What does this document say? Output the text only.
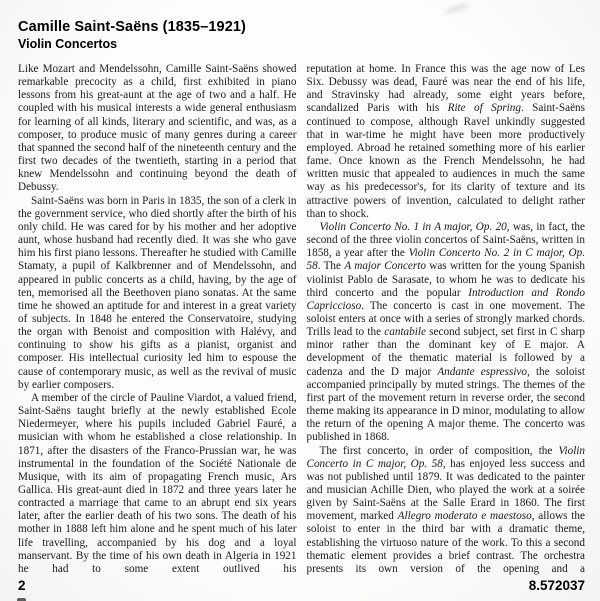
Camille Saint-Saëns (1835–1921)
Violin Concertos

Like Mozart and Mendelssohn, Camille Saint-Saëns showed remarkable precocity as a child, first exhibited in piano lessons from his great-aunt at the age of two and a half. He coupled with his musical interests a wide general enthusiasm for learning of all kinds, literary and scientific, and was, as a composer, to produce music of many genres during a career that spanned the second half of the nineteenth century and the first two decades of the twentieth, starting in a period that knew Mendelssohn and continuing beyond the death of Debussy.

Saint-Saëns was born in Paris in 1835, the son of a clerk in the government service, who died shortly after the birth of his only child. He was cared for by his mother and her adoptive aunt, whose husband had recently died. It was she who gave him his first piano lessons. Thereafter he studied with Camille Stamaty, a pupil of Kalkbrenner and of Mendelssohn, and appeared in public concerts as a child, having, by the age of ten, memorised all the Beethoven piano sonatas. At the same time he showed an aptitude for and interest in a great variety of subjects. In 1848 he entered the Conservatoire, studying the organ with Benoist and composition with Halévy, and continuing to show his gifts as a pianist, organist and composer. His intellectual curiosity led him to espouse the cause of contemporary music, as well as the revival of music by earlier composers.

A member of the circle of Pauline Viardot, a valued friend, Saint-Saëns taught briefly at the newly established Ecole Niedermeyer, where his pupils included Gabriel Fauré, a musician with whom he established a close relationship. In 1871, after the disasters of the Franco-Prussian war, he was instrumental in the foundation of the Société Nationale de Musique, with its aim of propagating French music, Ars Gallica. His great-aunt died in 1872 and three years later he contracted a marriage that came to an abrupt end six years later, after the earlier death of his two sons. The death of his mother in 1888 left him alone and he spent much of his later life travelling, accompanied by his dog and a loyal manservant. By the time of his own death in Algeria in 1921 he had to some extent outlived his

reputation at home. In France this was the age now of Les Six. Debussy was dead, Fauré was near the end of his life, and Stravinsky had already, some eight years before, scandalized Paris with his Rite of Spring. Saint-Saëns continued to compose, although Ravel unkindly suggested that in war-time he might have been more productively employed. Abroad he retained something more of his earlier fame. Once known as the French Mendelssohn, he had written music that appealed to audiences in much the same way as his predecessor's, for its clarity of texture and its attractive powers of invention, calculated to delight rather than to shock.

Violin Concerto No. 1 in A major, Op. 20, was, in fact, the second of the three violin concertos of Saint-Saëns, written in 1858, a year after the Violin Concerto No. 2 in C major, Op. 58. The A major Concerto was written for the young Spanish violinist Pablo de Sarasate, to whom he was to dedicate his third concerto and the popular Introduction and Rondo Capriccioso. The concerto is cast in one movement. The soloist enters at once with a series of strongly marked chords. Trills lead to the cantabile second subject, set first in C sharp minor rather than the dominant key of E major. A development of the thematic material is followed by a cadenza and the D major Andante espressivo, the soloist accompanied principally by muted strings. The themes of the first part of the movement return in reverse order, the second theme making its appearance in D minor, modulating to allow the return of the opening A major theme. The concerto was published in 1868.

The first concerto, in order of composition, the Violin Concerto in C major, Op. 58, has enjoyed less success and was not published until 1879. It was dedicated to the painter and musician Achille Dien, who played the work at a soirée given by Saint-Saëns at the Salle Erard in 1860. The first movement, marked Allegro moderato e maestoso, allows the soloist to enter in the third bar with a dramatic theme, establishing the virtuoso nature of the work. To this a second thematic element provides a brief contrast. The orchestra presents its own version of the opening and a

2	8.572037
